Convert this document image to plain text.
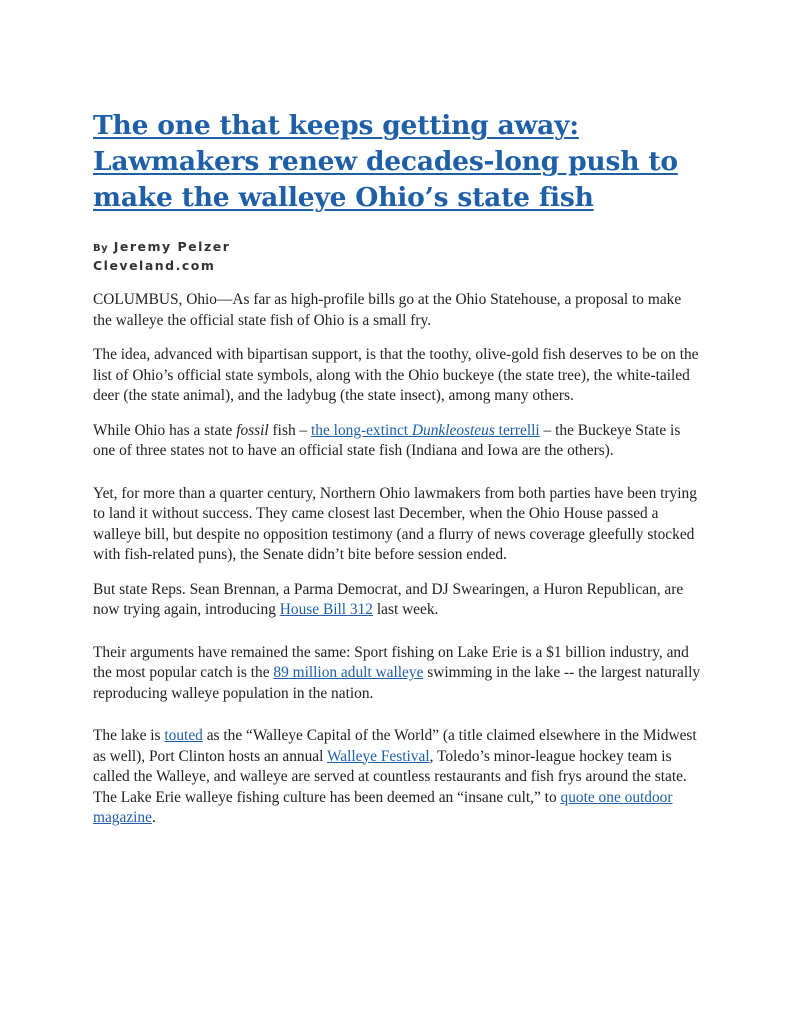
The one that keeps getting away: Lawmakers renew decades-long push to make the walleye Ohio’s state fish
By Jeremy Pelzer
Cleveland.com

COLUMBUS, Ohio—As far as high-profile bills go at the Ohio Statehouse, a proposal to make the walleye the official state fish of Ohio is a small fry.

The idea, advanced with bipartisan support, is that the toothy, olive-gold fish deserves to be on the list of Ohio’s official state symbols, along with the Ohio buckeye (the state tree), the white-tailed deer (the state animal), and the ladybug (the state insect), among many others.

While Ohio has a state fossil fish – the long-extinct Dunkleosteus terrelli – the Buckeye State is one of three states not to have an official state fish (Indiana and Iowa are the others).

Yet, for more than a quarter century, Northern Ohio lawmakers from both parties have been trying to land it without success. They came closest last December, when the Ohio House passed a walleye bill, but despite no opposition testimony (and a flurry of news coverage gleefully stocked with fish-related puns), the Senate didn’t bite before session ended.

But state Reps. Sean Brennan, a Parma Democrat, and DJ Swearingen, a Huron Republican, are now trying again, introducing House Bill 312 last week.

Their arguments have remained the same: Sport fishing on Lake Erie is a $1 billion industry, and the most popular catch is the 89 million adult walleye swimming in the lake -- the largest naturally reproducing walleye population in the nation.

The lake is touted as the “Walleye Capital of the World” (a title claimed elsewhere in the Midwest as well), Port Clinton hosts an annual Walleye Festival, Toledo’s minor-league hockey team is called the Walleye, and walleye are served at countless restaurants and fish frys around the state. The Lake Erie walleye fishing culture has been deemed an “insane cult,” to quote one outdoor magazine.
